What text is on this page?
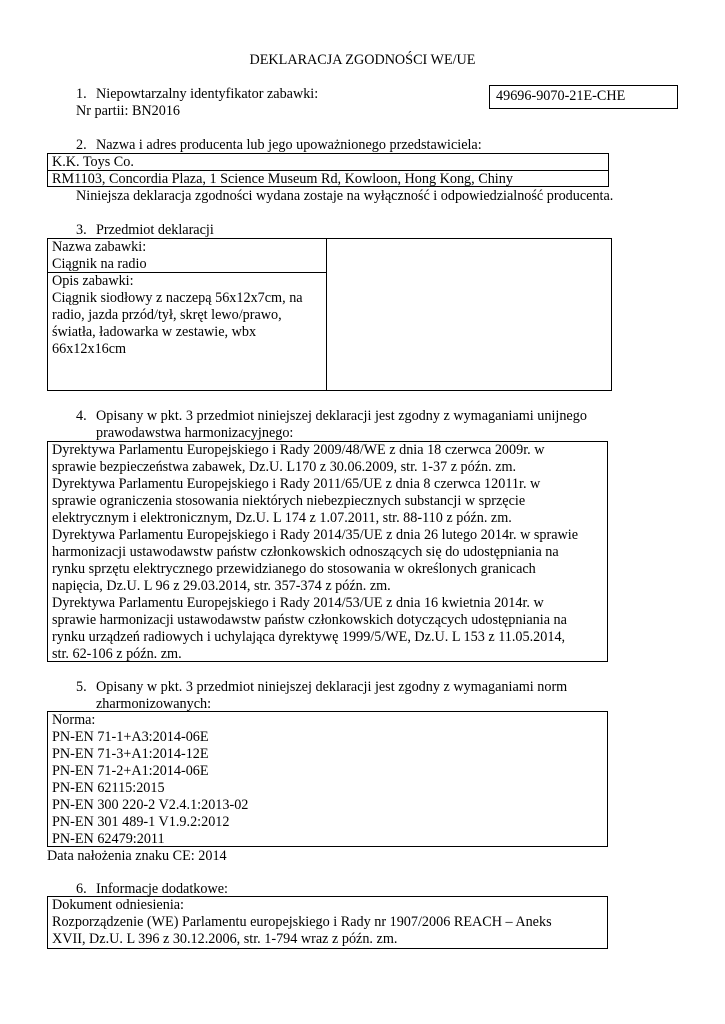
DEKLARACJA ZGODNOŚCI WE/UE
1. Niepowtarzalny identyfikator zabawki:
Nr partii: BN2016
49696-9070-21E-CHE
2. Nazwa i adres producenta lub jego upoważnionego przedstawiciela:
K.K. Toys Co.
RM1103, Concordia Plaza, 1 Science Museum Rd, Kowloon, Hong Kong, Chiny
Niniejsza deklaracja zgodności wydana zostaje na wyłączność i odpowiedzialność producenta.
3. Przedmiot deklaracji
Nazwa zabawki:
Ciągnik na radio
Opis zabawki:
Ciągnik siodłowy z naczepą 56x12x7cm, na
radio, jazda przód/tył, skręt lewo/prawo,
światła, ładowarka w zestawie, wbx
66x12x16cm
4. Opisany w pkt. 3 przedmiot niniejszej deklaracji jest zgodny z wymaganiami unijnego
prawodawstwa harmonizacyjnego:
Dyrektywa Parlamentu Europejskiego i Rady 2009/48/WE z dnia 18 czerwca 2009r. w
sprawie bezpieczeństwa zabawek, Dz.U. L170 z 30.06.2009, str. 1-37 z późn. zm.
Dyrektywa Parlamentu Europejskiego i Rady 2011/65/UE z dnia 8 czerwca 12011r. w
sprawie ograniczenia stosowania niektórych niebezpiecznych substancji w sprzęcie
elektrycznym i elektronicznym, Dz.U. L 174 z 1.07.2011, str. 88-110 z późn. zm.
Dyrektywa Parlamentu Europejskiego i Rady 2014/35/UE z dnia 26 lutego 2014r. w sprawie
harmonizacji ustawodawstw państw członkowskich odnoszących się do udostępniania na
rynku sprzętu elektrycznego przewidzianego do stosowania w określonych granicach
napięcia, Dz.U. L 96 z 29.03.2014, str. 357-374 z późn. zm.
Dyrektywa Parlamentu Europejskiego i Rady 2014/53/UE z dnia 16 kwietnia 2014r. w
sprawie harmonizacji ustawodawstw państw członkowskich dotyczących udostępniania na
rynku urządzeń radiowych i uchylająca dyrektywę 1999/5/WE, Dz.U. L 153 z 11.05.2014,
str. 62-106 z późn. zm.
5. Opisany w pkt. 3 przedmiot niniejszej deklaracji jest zgodny z wymaganiami norm
zharmonizowanych:
Norma:
PN-EN 71-1+A3:2014-06E
PN-EN 71-3+A1:2014-12E
PN-EN 71-2+A1:2014-06E
PN-EN 62115:2015
PN-EN 300 220-2 V2.4.1:2013-02
PN-EN 301 489-1 V1.9.2:2012
PN-EN 62479:2011
Data nałożenia znaku CE: 2014
6. Informacje dodatkowe:
Dokument odniesienia:
Rozporządzenie (WE) Parlamentu europejskiego i Rady nr 1907/2006 REACH – Aneks
XVII, Dz.U. L 396 z 30.12.2006, str. 1-794 wraz z późn. zm.
